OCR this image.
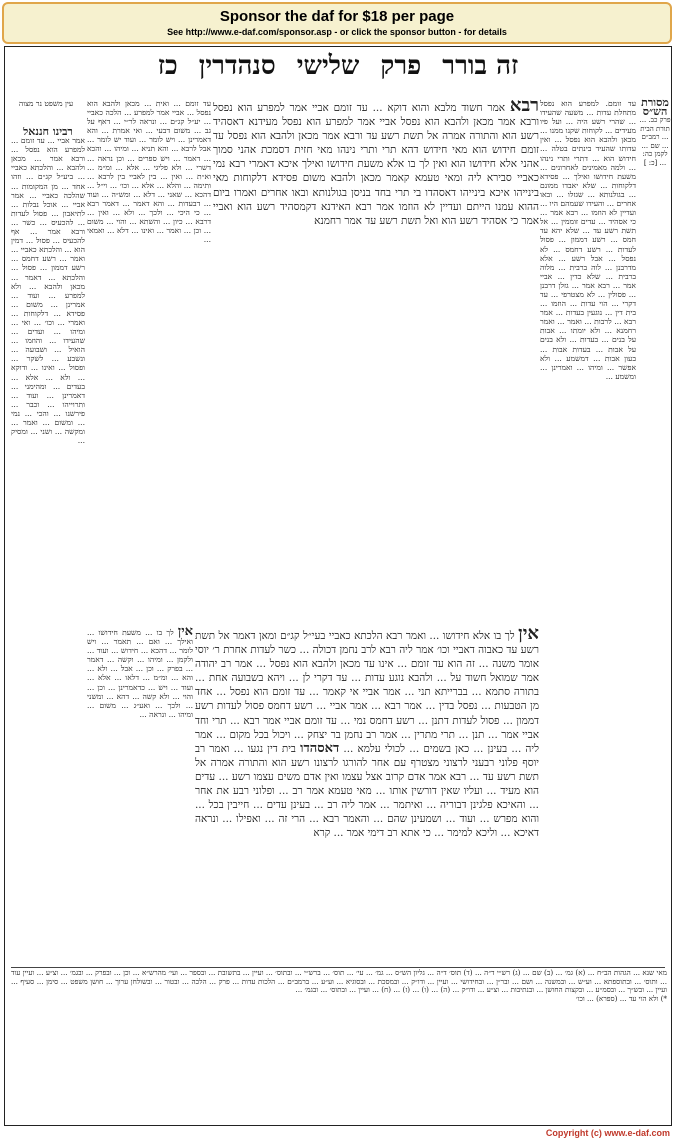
Sponsor the daf for $18 per page
See http://www.e-daf.com/sponsor.asp - or click the sponsor button - for details
זה בורר פרק שלישי סנהדרין כז
מסורת הש״ס
פרק כב. ... תורת הבית ... רמב״ם ... שם ... לקמן כה: ... [כ: ]
עין משפט נר מצוה	רבא אמר חשוד מלבא והוא דוקא ... עד זומם אביי אמר למפרע הוא נפסל ורבא אמר מכאן ולהבא הוא נפסל אביי אמר למפרע הוא נפסל מעידנא דאסהיד רשע הוא והתורה אמרה אל תשת רשע עד ורבא אמר מכאן ולהבא הוא נפסל עד זומם חידוש הוא מאי חידוש דהא תרי ותרי נינהו מאי חזית דסמכת אהני סמוך אהני אלא חידושו הוא ואין לך בו אלא משעת חידושו ואילך איכא דאמרי רבא נמי כאביי סבירא ליה ומאי טעמא קאמר מכאן ולהבא משום פסידא דלקוחות מאי בינייהו איכא בינייהו דאסהדו בי תרי בחד בניסן בגולנותא ובאו אחרים ואמרו ביום ההוא עמנו הייתם ועדיין לא הוזמו אמר רבא האידנא דקמסהיד רשע הוא ואביי אמר כי אסהיד רשע הוא ואל תשת רשע עד אמר רחמנא
אין לך בו אלא חידושו ... ואמר רבא הלכתא כאביי בעי״ל קג״ם ומאן דאמר אל תשת רשע עד כאבוה דאביי וכו׳ אמר ליה רבא לרב נחמן דכולה ... כשר לעדות אחרת ר׳ יוסי אומר משנה ... זה הוא עד זומם ... אינו עד מכאן ולהבא הוא נפסל ... אמר רב יהודה אמר שמואל חשוד על ... ולהבא נוגע עדות ... עד דקרי לן ... ויהא בשבועה אחת ... בתורה סתמא ... בברייתא תני ... אמר אביי אי קאמר ... עד זומם הוא נפסל ... אחד מן הטבעות ... נפסל בדין ... אמר רבא ... אמר אביי ... רשע דחמס פסול לעדות רשע דממון ... פסול לעדות דתנן ... רשע דחמס נמי ... עד זומם אביי אמר רבא ... תרי וחד אביי אמר ... תנן ... תרי מתרין ... אמר רב נחמן בר יצחק ... ויכול בכל מקום ... אמר ליה ... בעינן ... כאן בשמים ... לכולי עלמא ... דאסהדו בית דין נגעו ... ואמר רב יוסף פלוני רבעני לרצוני מצטרף עם אחר להורגו לרצונו רשע הוא והתורה אמרה אל תשת רשע עד ... רבא אמר אדם קרוב אצל עצמו ואין אדם משים עצמו רשע ... עדים הוא מעיד ... ועליו שאין דורשין אותו ... מאי טעמא אמר רב ... ופלוני רבע את אחר ... והאיכא פלגינן דבוריה ... ואיתמר ... אמר ליה רב ... בעינן עדים ... חייבין בכל ... והוא מפרש ... ועוד ... ושמעינן שהם ... והאמר רבא ... הרי זה ... ואפילו ... ונראה דאיכא ... וליכא למימר ... כי אתא רב דימי אמר ... קרא
עד זומם. למפרע הוא נפסל מתחלת עדות ... משעה שהעידו ... שהרי רשע היה ... ועל פיו מעידים ... לקוחות שקנו ממנו ... מכאן ולהבא הוא נפסל ... ואין עדותו שהעיד בינתים בטלה ... חידוש הוא ... דתרי ותרי נינהו ... ולמה מאמינים לאחרונים ... משעת חידושו ואילך ... פסידא דלקוחות ... שלא יאבדו ממונם ... בגולנותא ... שגזלו ... ובאו אחרים ... והעידו שעמהם היו ... ועדיין לא הוזמו ... רבא אמר ... כי אסהיד ... עדים זוממין ... אל תשת רשע עד ... שלא יהא עד חמס ... רשע דממון ... פסול לעדות ... רשע דחמס ... לא נפסל ... אבל רשע ... אלא מדרבנן ... לוה ברבית ... מלוה ברבית ... שלא כדין ... אביי אמר ... רבא אמר ... גזלן דרבנן ... פסולין ... לא מצטרפי ... עד דקרי ... הוי עדות ... הוזמו ... בית דין ... נוגעין בעדות ... אמר רבא ... לרבות ... ואמר ... ואמר רחמנא ... ולא יומתו ... אבות על בנים ... בעדות ... ולא בנים על אבות ... בעדות אבות ... בעון אבות ... דמשמע ... ולא אפשר ... ומיהו ... ואמרינן ... ומשמע ...
עד זומם ... ואית ... מכאן ולהבא הוא נפסל ... אביי אמר למפרע ... הלכה כאביי ... יע״ל קג״ם ... ונראה לר״י ... דאף על גב ... משום דבעי ... ואי אמרת ... והא דאמרינן ... ויש לומר ... ועוד יש לומר ... אבל לרבא ... והא תניא ... ומיהו ... והכא ... דאמר ... ויש ספרים ... וכן נראה ... דשרי ... ולא פליגי ... אלא ... ומ״מ ... וא״ת ... ואין ... בין לאביי בין לרבא ... ותימה ... והלא ... אלא ... וכו׳ ... וי״ל ... דהכא ... שאני ... דלא ... ומש״ה ... ועוד ... דבעדות ... והא דאמר ... דאמר רבא ... כי היכי ... ולכך ... ולא ... ואין ... דרבא ... כיון ... והשתא ... והוי ... משום ... וכן ... ואמר ... ואינו ... דלא ... ואמאי ...
אין לך בו ... משעת חידושו ... ואילך ... ואם ... תאמר ... ויש לומר ... דהכא ... חידוש ... ועוד ... ולקמן ... ומיהו ... וקשה ... דאמר ... בפרק ... וכן ... אבל ... ולא ... והא ... ומ״מ ... דלאו ... אלא ... ועוד ... ויש ... כדאמרינן ... וכן ... והוי ... ולא קשה ... דהא ... ומשני ... ולכך ... ואע״ג ... משום ... ומיהו ... ונראה ...
רבינו חננאל
אמר אביי ... עד זומם ... למפרע הוא נפסל ... ורבא אמר ... מכאן ולהבא ... והלכתא כאביי ... ביע״ל קג״ם ... וזהו אחד ... מן המקומות ... שהלכה כאביי ... אמר אביי ... אוכל נבלות ... לתיאבון ... פסול לעדות ... להכעיס ... כשר ... ורבא אמר ... אף להכעיס ... פסול ... דמין הוא ... והלכתא כאביי ... ואמר ... רשע דחמס ... רשע דממון ... פסול ... והלכתא ... דאמר ... מכאן ולהבא ... ולא למפרע ... ועוד ... אמרינן ... משום ... פסידא ... דלקוחות ... ואמרי ... וכו׳ ... ואי ... ומיהו ... ועדים ... שהעידו ... והוזמו ... הואיל ... ושבועה ... ונשבע ... לשקר ... ופסול ... ואינו ... ודוקא ... ולא ... אלא ... בעדים ... ומהימני ... דאמרינן ... ועוד ... ותרוייהו ... וכבר ... פירשנו ... והכי ... נמי ... ומשום ... ואמר ... ומקשה ... ושני ... ומסיק ...
מאי שנא ... הגהות הב״ח ... (א) גמ׳ ... (ב) שם ... (ג) רש״י ד״ה ... (ד) תוס׳ ד״ה ... גליון הש״ס ... גמ׳ ... עי׳ ... תוס׳ ... ברש״י ... ובתוס׳ ... ועיין ... בתשובת ... ובספר ... ועי׳ מהרש״א ... וכן ... ובפרק ... ובגמ׳ ... וצ״ע ... ועיין עוד ... ותוס׳ ... ובתוספתא ... וע״ש ... ובמשנה ... ושם ... ובר״ן ... ובחידושי ... ועיין ... ודו״ק ... ובמסכת ... ובסוגיא ... וע״ע ... ברמב״ם ... הלכות עדות ... פרק ... הלכה ... ובטור ... ובשולחן ערוך ... חושן משפט ... סימן ... סעיף ... ועיין ... ובש״ך ... ובסמ״ע ... ובקצות החושן ... ובנתיבות ... וצ״ע ... ודו״ק ... (ה) ... (ו) ... (ז) ... (ח) ... ועיין ... ובתוס׳ ... ובגמ׳ ...
*) ולא הוי עד ... (ספרא) ... וכו׳
Copyright (c) www.e-daf.com
